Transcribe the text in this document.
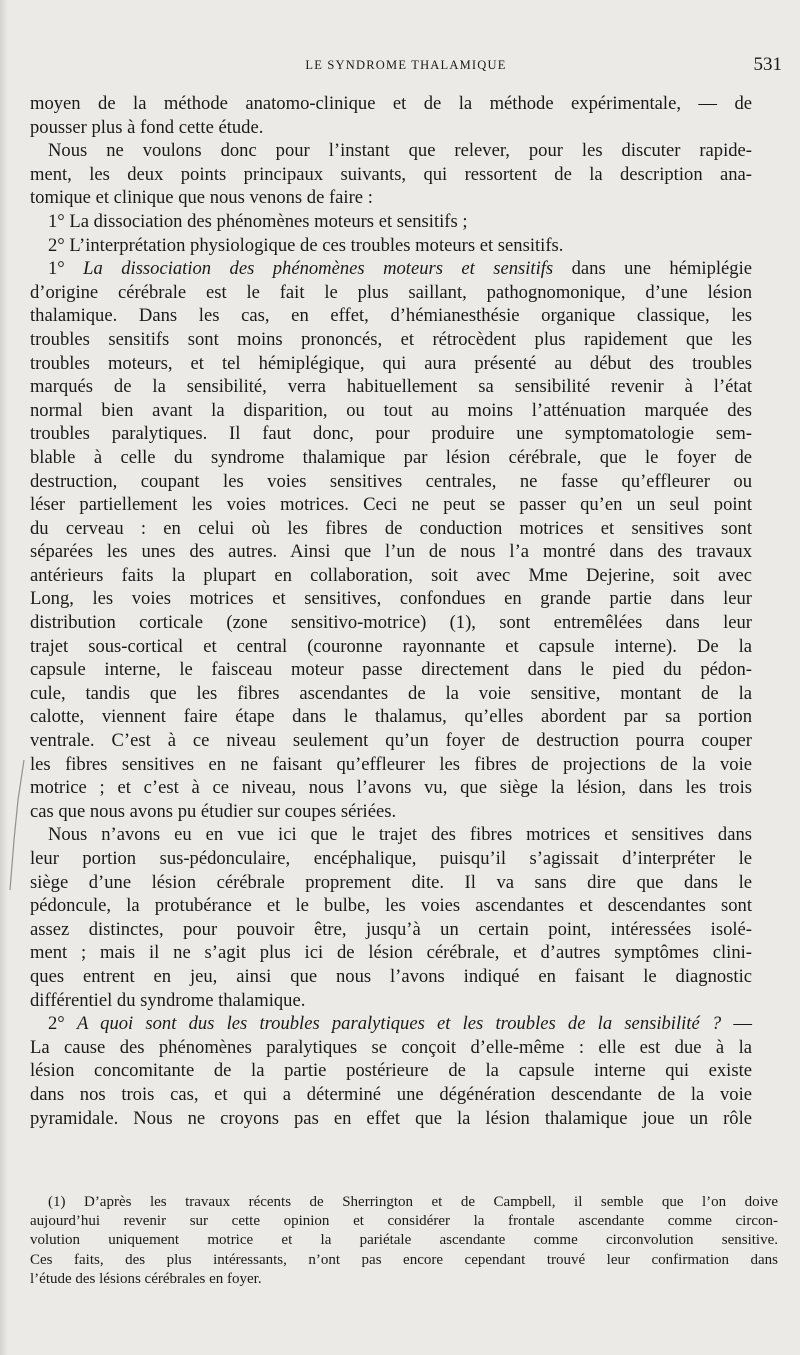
LE SYNDROME THALAMIQUE	531
moyen de la méthode anatomo-clinique et de la méthode expérimentale, — de
pousser plus à fond cette étude.
Nous ne voulons donc pour l’instant que relever, pour les discuter rapide-
ment, les deux points principaux suivants, qui ressortent de la description ana-
tomique et clinique que nous venons de faire :
1° La dissociation des phénomènes moteurs et sensitifs ;
2° L’interprétation physiologique de ces troubles moteurs et sensitifs.
1° La dissociation des phénomènes moteurs et sensitifs dans une hémiplégie
d’origine cérébrale est le fait le plus saillant, pathognomonique, d’une lésion
thalamique. Dans les cas, en effet, d’hémianesthésie organique classique, les
troubles sensitifs sont moins prononcés, et rétrocèdent plus rapidement que les
troubles moteurs, et tel hémiplégique, qui aura présenté au début des troubles
marqués de la sensibilité, verra habituellement sa sensibilité revenir à l’état
normal bien avant la disparition, ou tout au moins l’atténuation marquée des
troubles paralytiques. Il faut donc, pour produire une symptomatologie sem-
blable à celle du syndrome thalamique par lésion cérébrale, que le foyer de
destruction, coupant les voies sensitives centrales, ne fasse qu’effleurer ou
léser partiellement les voies motrices. Ceci ne peut se passer qu’en un seul point
du cerveau : en celui où les fibres de conduction motrices et sensitives sont
séparées les unes des autres. Ainsi que l’un de nous l’a montré dans des travaux
antérieurs faits la plupart en collaboration, soit avec Mme Dejerine, soit avec
Long, les voies motrices et sensitives, confondues en grande partie dans leur
distribution corticale (zone sensitivo-motrice) (1), sont entremêlées dans leur
trajet sous-cortical et central (couronne rayonnante et capsule interne). De la
capsule interne, le faisceau moteur passe directement dans le pied du pédon-
cule, tandis que les fibres ascendantes de la voie sensitive, montant de la
calotte, viennent faire étape dans le thalamus, qu’elles abordent par sa portion
ventrale. C’est à ce niveau seulement qu’un foyer de destruction pourra couper
les fibres sensitives en ne faisant qu’effleurer les fibres de projections de la voie
motrice ; et c’est à ce niveau, nous l’avons vu, que siège la lésion, dans les trois
cas que nous avons pu étudier sur coupes sériées.
Nous n’avons eu en vue ici que le trajet des fibres motrices et sensitives dans
leur portion sus-pédonculaire, encéphalique, puisqu’il s’agissait d’interpréter le
siège d’une lésion cérébrale proprement dite. Il va sans dire que dans le
pédoncule, la protubérance et le bulbe, les voies ascendantes et descendantes sont
assez distinctes, pour pouvoir être, jusqu’à un certain point, intéressées isolé-
ment ; mais il ne s’agit plus ici de lésion cérébrale, et d’autres symptômes clini-
ques entrent en jeu, ainsi que nous l’avons indiqué en faisant le diagnostic
différentiel du syndrome thalamique.
2° A quoi sont dus les troubles paralytiques et les troubles de la sensibilité ? —
La cause des phénomènes paralytiques se conçoit d’elle-même : elle est due à la
lésion concomitante de la partie postérieure de la capsule interne qui existe
dans nos trois cas, et qui a déterminé une dégénération descendante de la voie
pyramidale. Nous ne croyons pas en effet que la lésion thalamique joue un rôle
(1) D’après les travaux récents de Sherrington et de Campbell, il semble que l’on doive
aujourd’hui revenir sur cette opinion et considérer la frontale ascendante comme circon-
volution uniquement motrice et la pariétale ascendante comme circonvolution sensitive.
Ces faits, des plus intéressants, n’ont pas encore cependant trouvé leur confirmation dans
l’étude des lésions cérébrales en foyer.
